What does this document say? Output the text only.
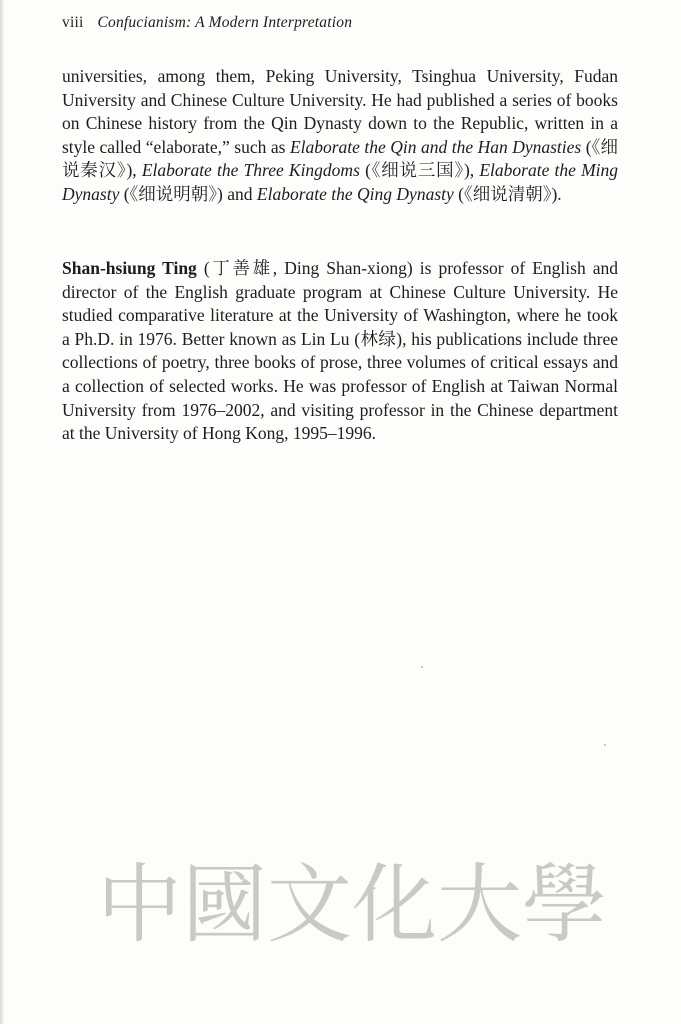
viii Confucianism: A Modern Interpretation

universities, among them, Peking University, Tsinghua University, Fudan University and Chinese Culture University. He had published a series of books on Chinese history from the Qin Dynasty down to the Republic, written in a style called “elaborate,” such as Elaborate the Qin and the Han Dynasties (《细说秦汉》), Elaborate the Three Kingdoms (《细说三国》), Elaborate the Ming Dynasty (《细说明朝》) and Elaborate the Qing Dynasty (《细说清朝》).

Shan-hsiung Ting (丁善雄, Ding Shan-xiong) is professor of English and director of the English graduate program at Chinese Culture University. He studied comparative literature at the University of Washington, where he took a Ph.D. in 1976. Better known as Lin Lu (林绿), his publications include three collections of poetry, three books of prose, three volumes of critical essays and a collection of selected works. He was professor of English at Taiwan Normal University from 1976–2002, and visiting professor in the Chinese department at the University of Hong Kong, 1995–1996.

中國文化大學
